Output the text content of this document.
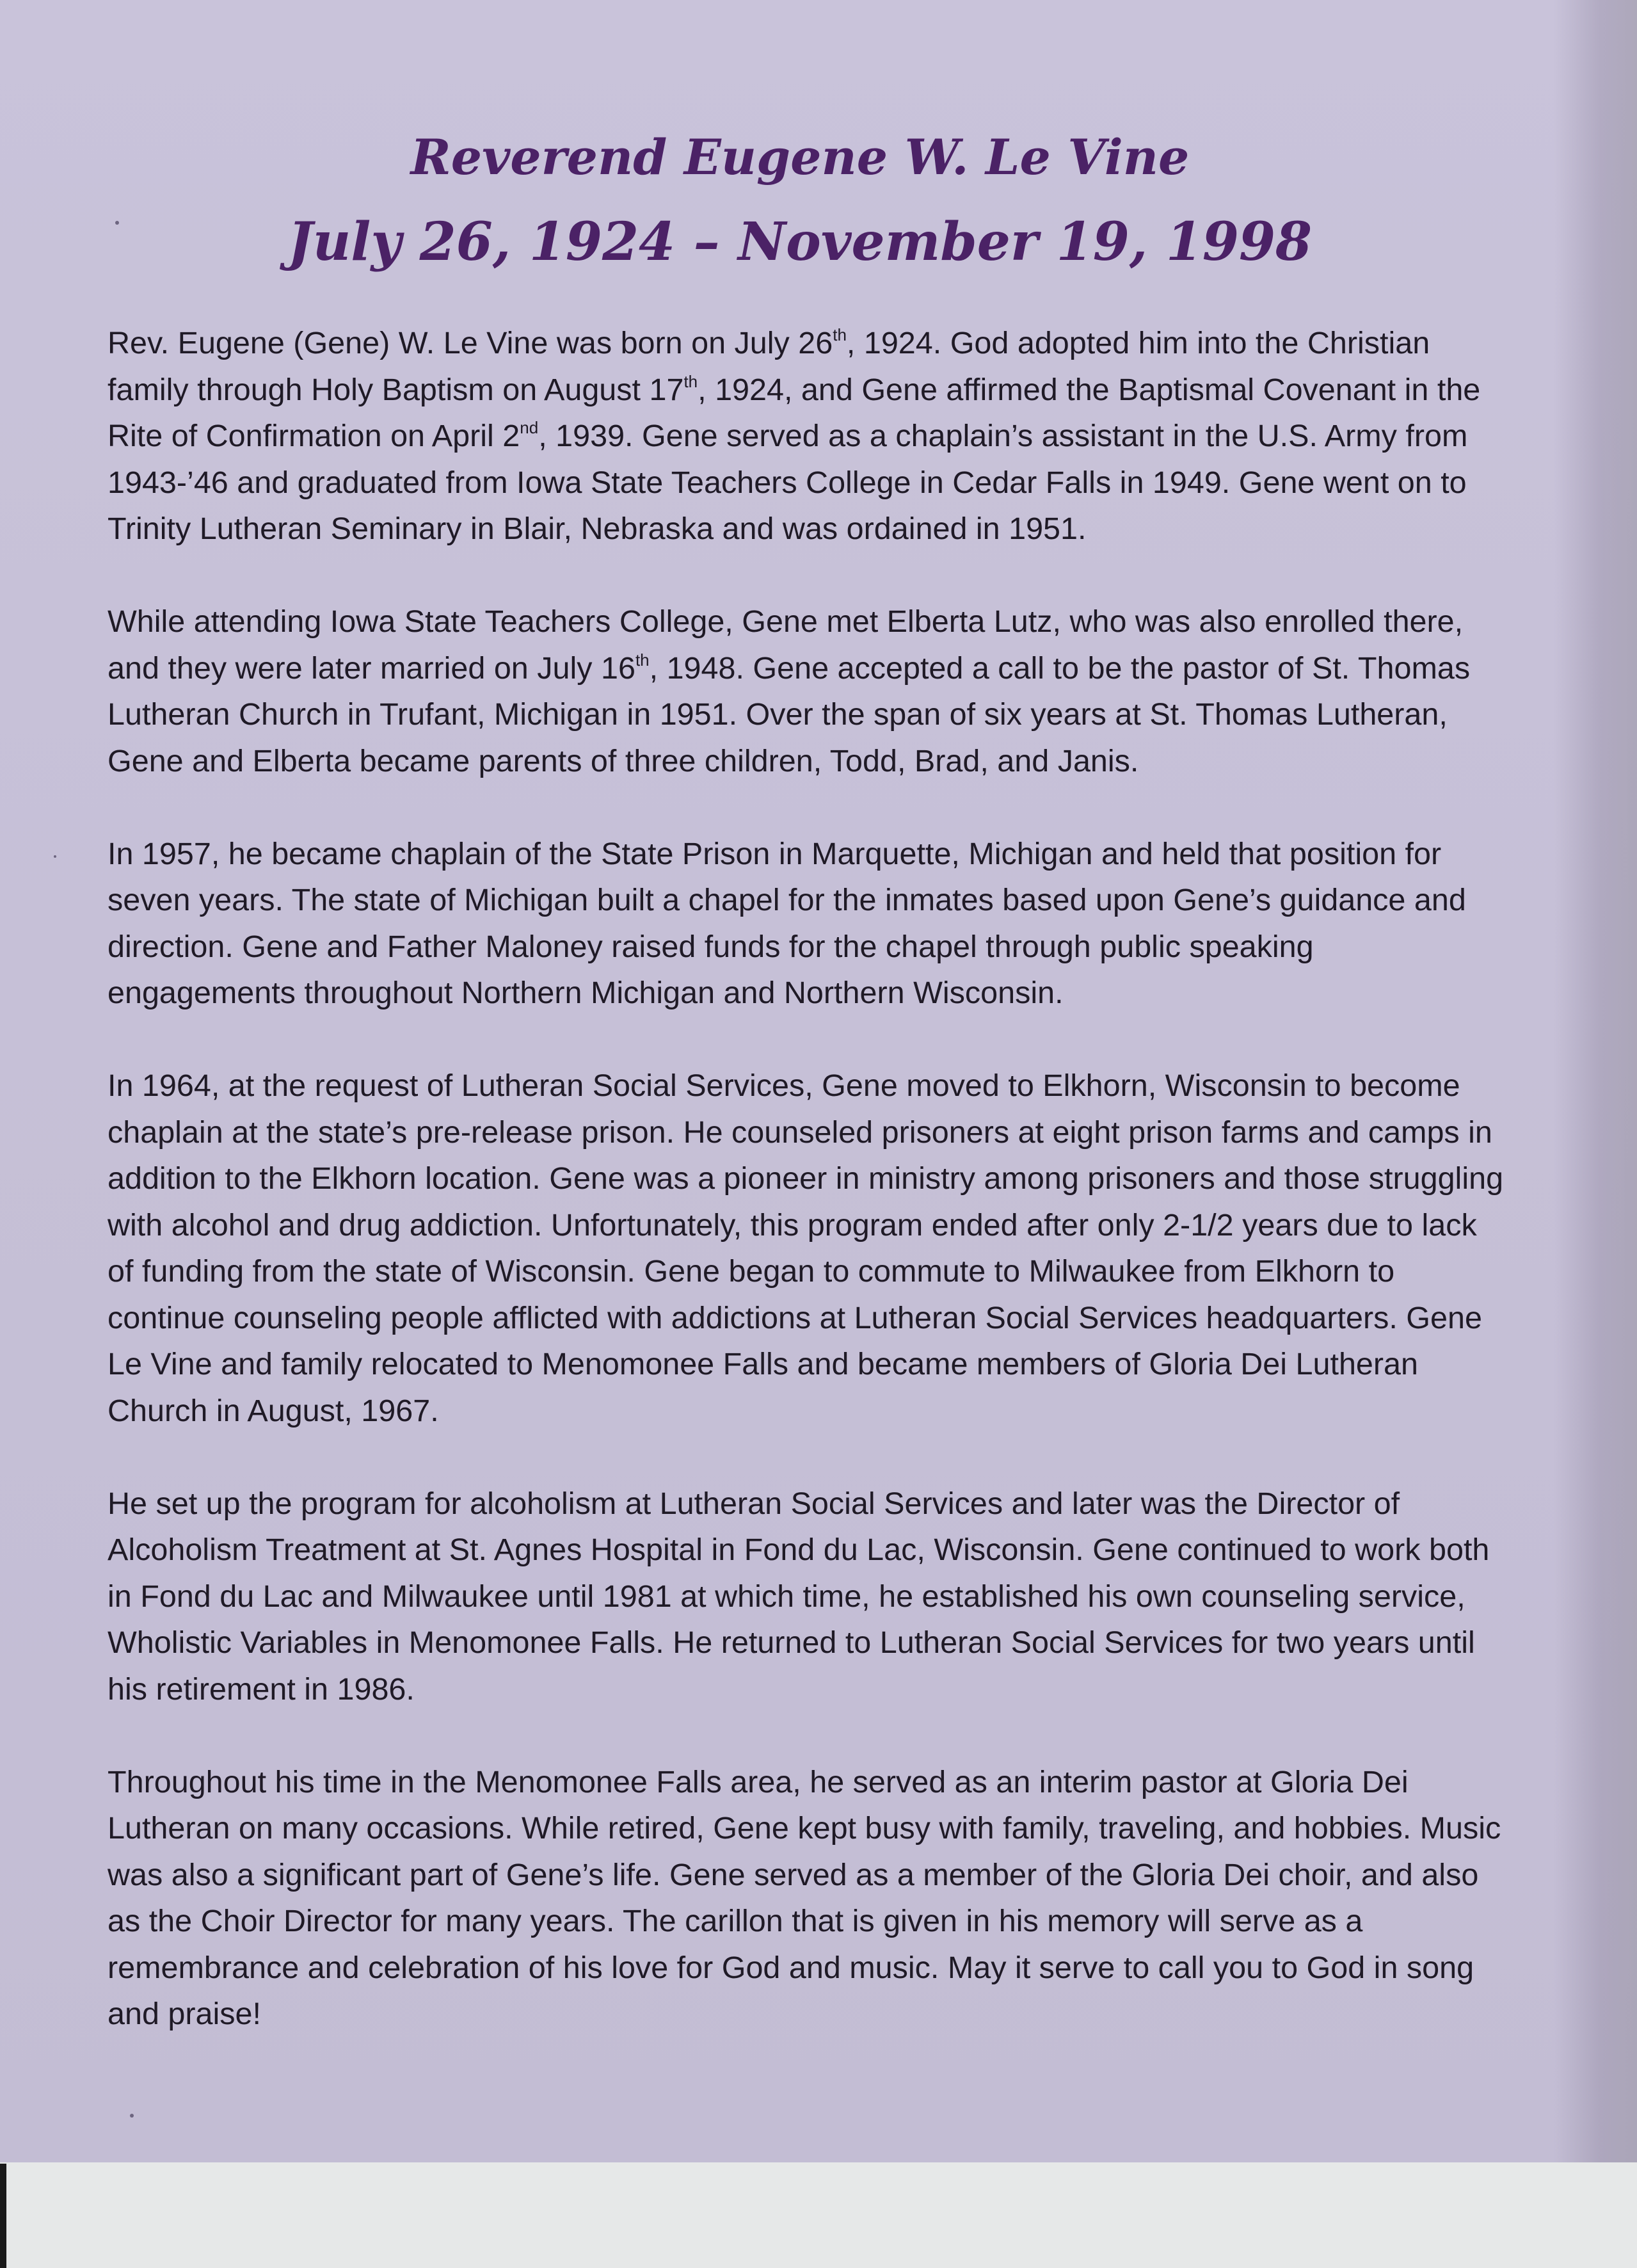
Reverend Eugene W. Le Vine
July 26, 1924 – November 19, 1998

Rev. Eugene (Gene) W. Le Vine was born on July 26th, 1924. God adopted him into the Christian family through Holy Baptism on August 17th, 1924, and Gene affirmed the Baptismal Covenant in the Rite of Confirmation on April 2nd, 1939. Gene served as a chaplain’s assistant in the U.S. Army from 1943-’46 and graduated from Iowa State Teachers College in Cedar Falls in 1949. Gene went on to Trinity Lutheran Seminary in Blair, Nebraska and was ordained in 1951.

While attending Iowa State Teachers College, Gene met Elberta Lutz, who was also enrolled there, and they were later married on July 16th, 1948. Gene accepted a call to be the pastor of St. Thomas Lutheran Church in Trufant, Michigan in 1951. Over the span of six years at St. Thomas Lutheran, Gene and Elberta became parents of three children, Todd, Brad, and Janis.

In 1957, he became chaplain of the State Prison in Marquette, Michigan and held that position for seven years. The state of Michigan built a chapel for the inmates based upon Gene’s guidance and direction. Gene and Father Maloney raised funds for the chapel through public speaking engagements throughout Northern Michigan and Northern Wisconsin.

In 1964, at the request of Lutheran Social Services, Gene moved to Elkhorn, Wisconsin to become chaplain at the state’s pre-release prison. He counseled prisoners at eight prison farms and camps in addition to the Elkhorn location. Gene was a pioneer in ministry among prisoners and those struggling with alcohol and drug addiction. Unfortunately, this program ended after only 2-1/2 years due to lack of funding from the state of Wisconsin. Gene began to commute to Milwaukee from Elkhorn to continue counseling people afflicted with addictions at Lutheran Social Services headquarters. Gene Le Vine and family relocated to Menomonee Falls and became members of Gloria Dei Lutheran Church in August, 1967.

He set up the program for alcoholism at Lutheran Social Services and later was the Director of Alcoholism Treatment at St. Agnes Hospital in Fond du Lac, Wisconsin. Gene continued to work both in Fond du Lac and Milwaukee until 1981 at which time, he established his own counseling service, Wholistic Variables in Menomonee Falls. He returned to Lutheran Social Services for two years until his retirement in 1986.

Throughout his time in the Menomonee Falls area, he served as an interim pastor at Gloria Dei Lutheran on many occasions. While retired, Gene kept busy with family, traveling, and hobbies. Music was also a significant part of Gene’s life. Gene served as a member of the Gloria Dei choir, and also as the Choir Director for many years. The carillon that is given in his memory will serve as a remembrance and celebration of his love for God and music. May it serve to call you to God in song and praise!
